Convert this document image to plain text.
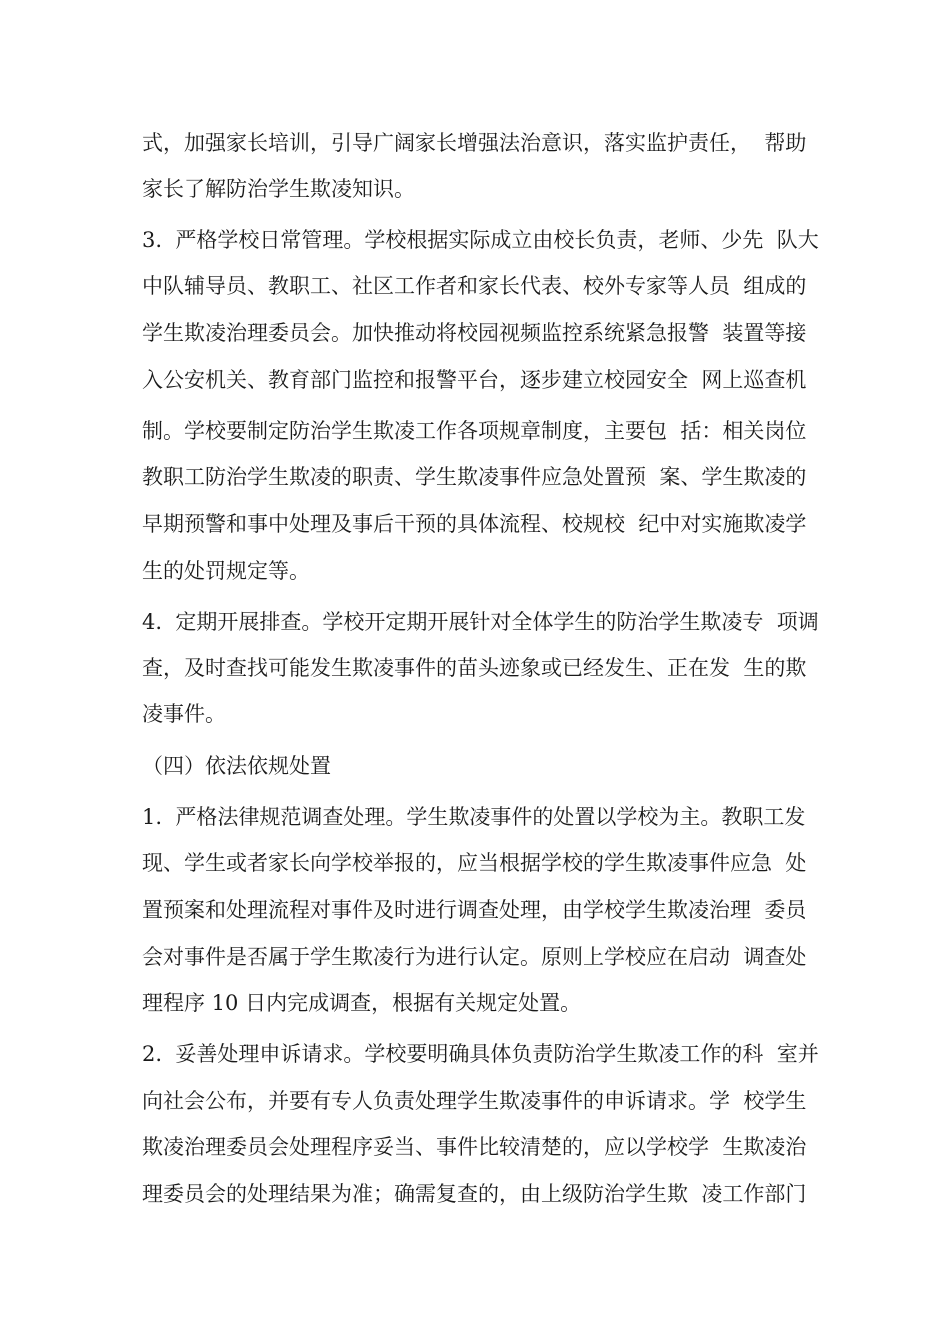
式，加强家长培训，引导广阔家长增强法治意识，落实监护责任，  帮助
家长了解防治学生欺凌知识。
3.  严格学校日常管理。学校根据实际成立由校长负责，老师、少先  队大
中队辅导员、教职工、社区工作者和家长代表、校外专家等人员  组成的
学生欺凌治理委员会。加快推动将校园视频监控系统紧急报警  装置等接
入公安机关、教育部门监控和报警平台，逐步建立校园安全  网上巡查机
制。学校要制定防治学生欺凌工作各项规章制度，主要包  括：相关岗位
教职工防治学生欺凌的职责、学生欺凌事件应急处置预  案、学生欺凌的
早期预警和事中处理及事后干预的具体流程、校规校  纪中对实施欺凌学
生的处罚规定等。
4.  定期开展排查。学校开定期开展针对全体学生的防治学生欺凌专  项调
查，及时查找可能发生欺凌事件的苗头迹象或已经发生、正在发  生的欺
凌事件。
（四）依法依规处置
1.  严格法律规范调查处理。学生欺凌事件的处置以学校为主。教职工发
现、学生或者家长向学校举报的，应当根据学校的学生欺凌事件应急  处
置预案和处理流程对事件及时进行调查处理，由学校学生欺凌治理  委员
会对事件是否属于学生欺凌行为进行认定。原则上学校应在启动  调查处
理程序 10 日内完成调查，根据有关规定处置。
2.  妥善处理申诉请求。学校要明确具体负责防治学生欺凌工作的科  室并
向社会公布，并要有专人负责处理学生欺凌事件的申诉请求。学  校学生
欺凌治理委员会处理程序妥当、事件比较清楚的，应以学校学  生欺凌治
理委员会的处理结果为准；确需复查的，由上级防治学生欺  凌工作部门
